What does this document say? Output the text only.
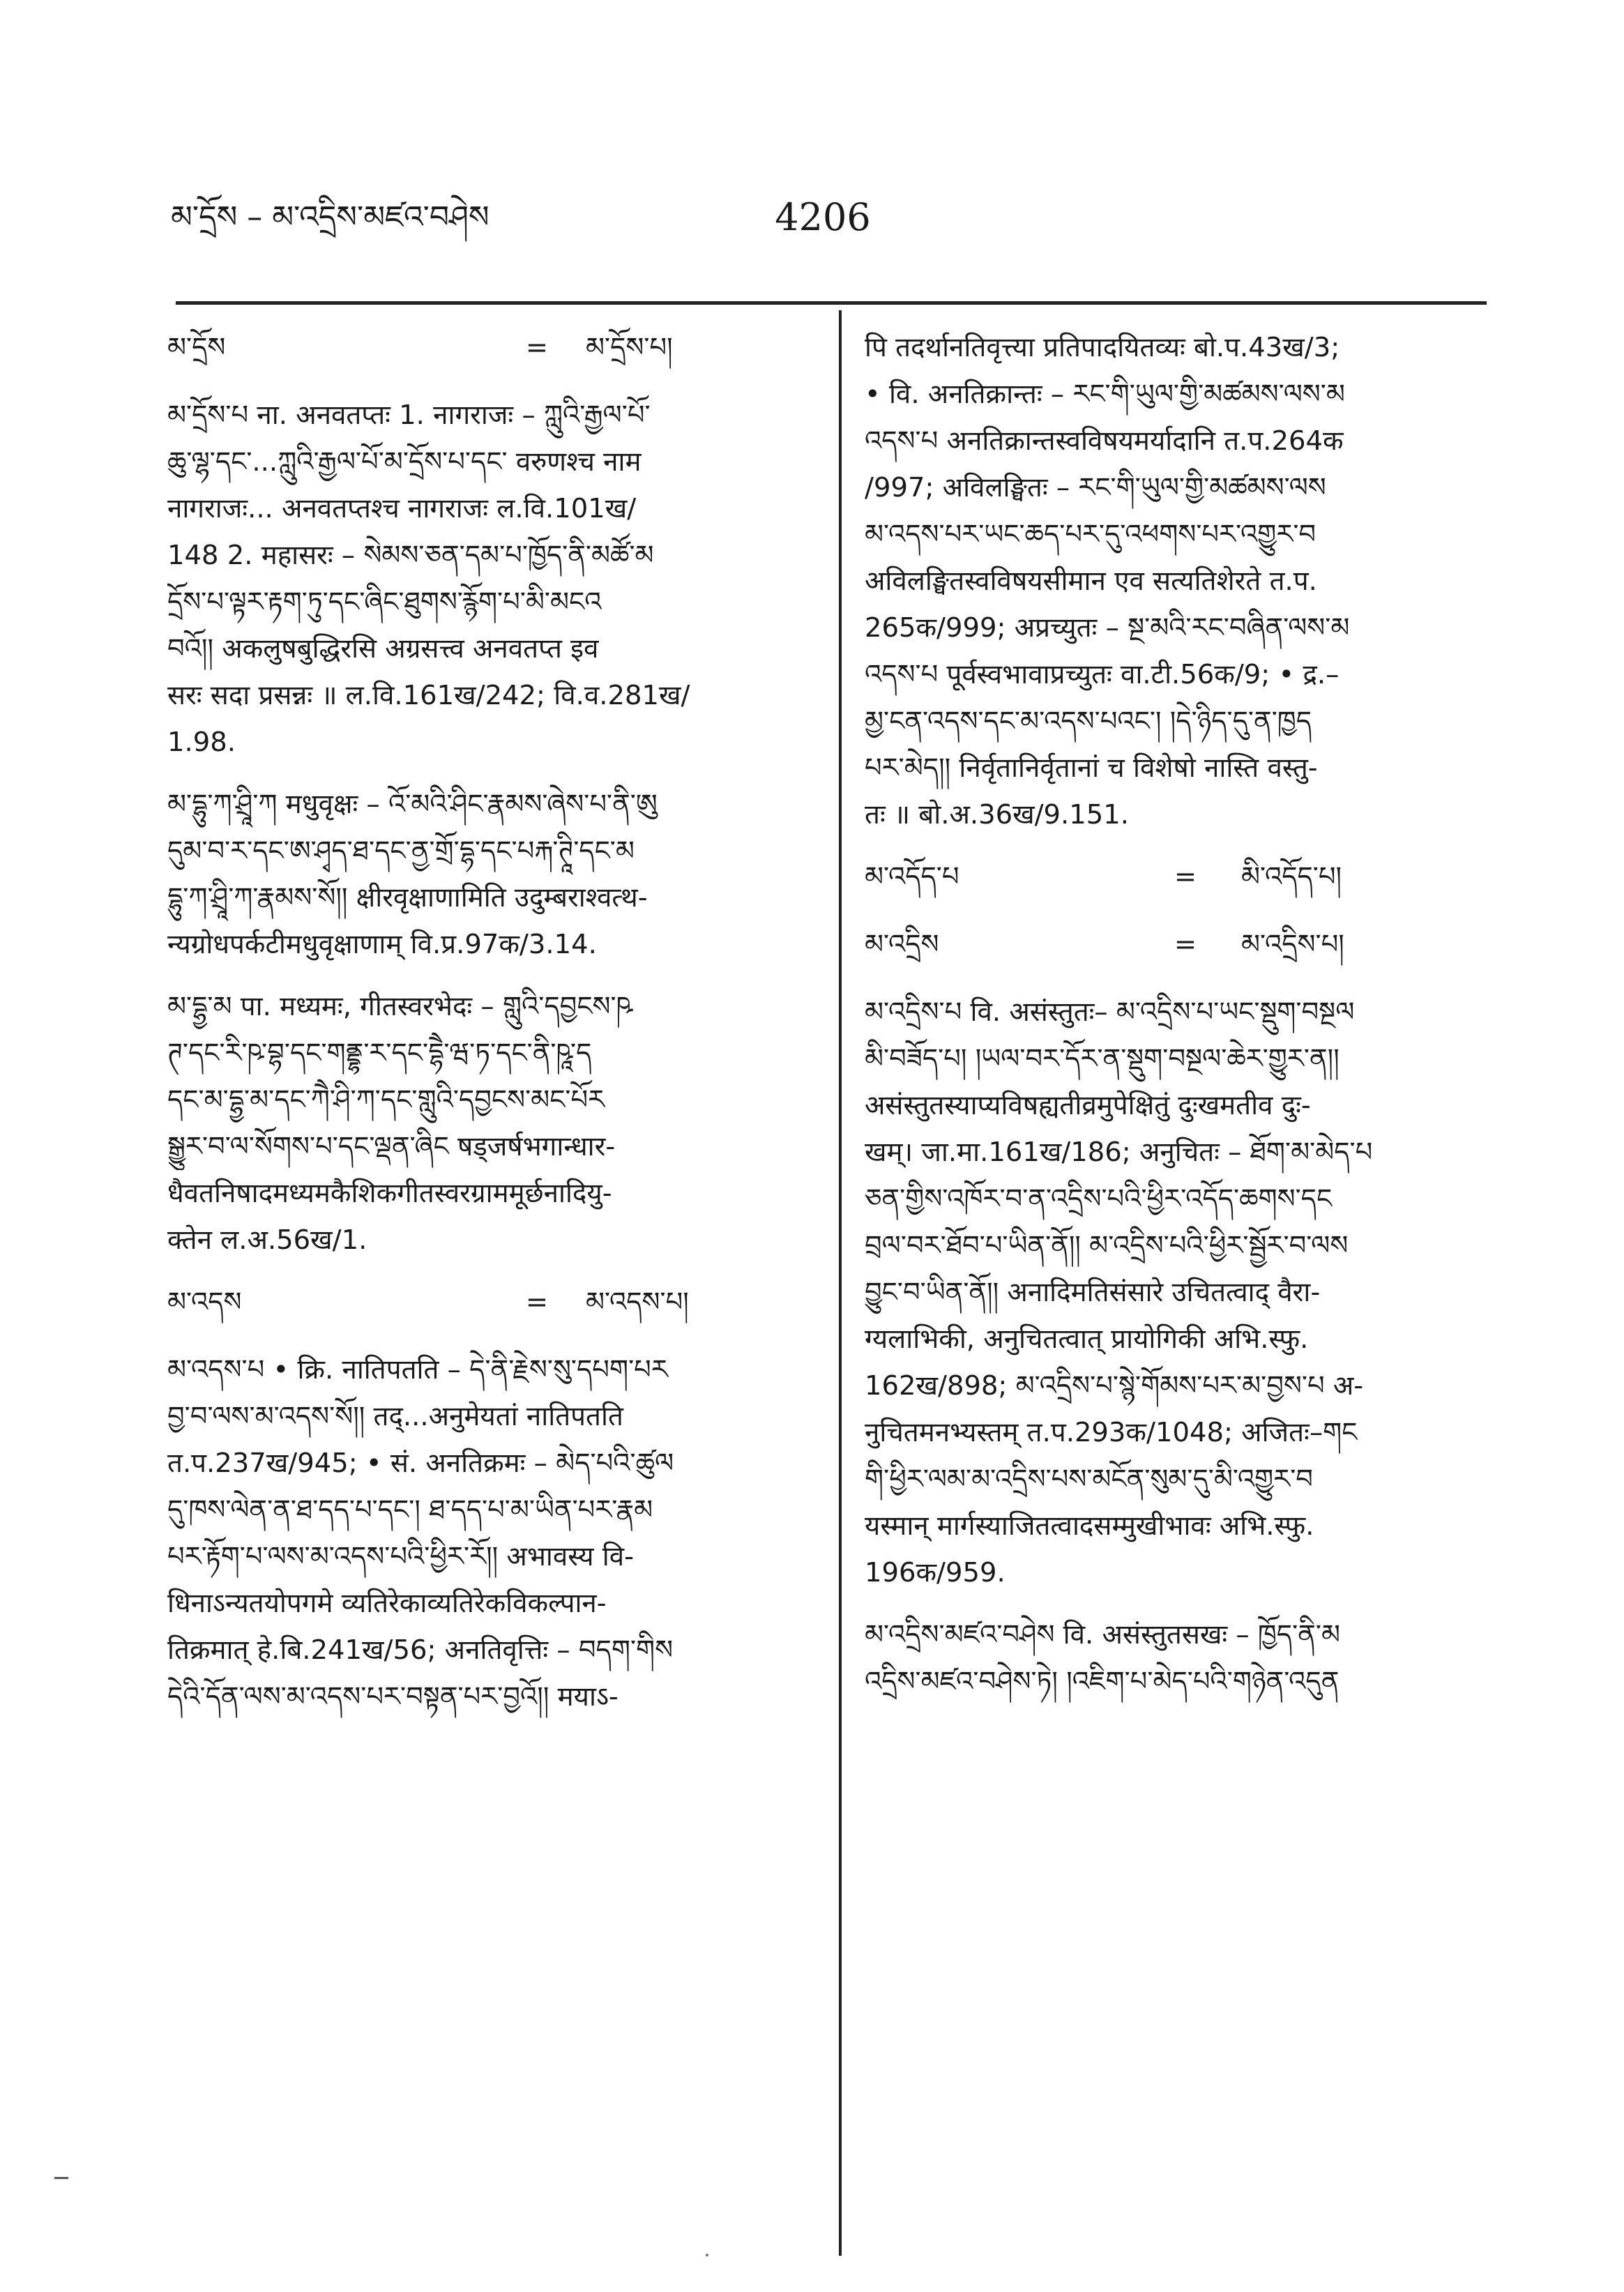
མ་དྲོས – མ་འདྲིས་མཛའ་བཤེས	4206
མ་དྲོས	=	མ་དྲོས་པ།
མ་དྲོས་པ ना. अनवतप्तः 1. नागराजः – ཀླུའི་རྒྱལ་པོ་
ཆུ་ལྷ་དང་...ཀླུའི་རྒྱལ་པོ་མ་དྲོས་པ་དང་ वरुणश्च नाम
नागराजः... अनवतप्तश्च नागराजः ल.वि.101ख/
148 2. महासरः – སེམས་ཅན་དམ་པ་ཁྱོད་ནི་མཚོ་མ
དྲོས་པ་ལྟར་རྟག་ཏུ་དང་ཞིང་ཐུགས་རྙོག་པ་མི་མངའ
བའོ།། अकलुषबुद्धिरसि अग्रसत्त्व अनवतप्त इव
सरः सदा प्रसन्नः ॥ ल.वि.161ख/242; वि.व.281ख/
1.98.
མ་དྷུ་ཀ་ཤྲཱི་ཀ मधुवृक्षः – འོ་མའི་ཤིང་རྣམས་ཞེས་པ་ནི་ཨུ
དུམ་བ་ར་དང་ཨ་ཤྭད་ཐ་དང་ནྱ་གྲོ་དྷ་དང་པརྐ་ཊཱི་དང་མ
དྷུ་ཀ་ཤྲཱི་ཀ་རྣམས་སོ།། क्षीरवृक्षाणामिति उदुम्बराश्वत्थ-
न्यग्रोधपर्कटीमधुवृक्षाणाम् वि.प्र.97क/3.14.
མ་དྷྱ་མ पा. मध्यमः, गीतस्वरभेदः – གླུའི་དབྱངས་ཥ
ཊ་དང་རི་ཥ་བྷ་དང་གནྡྷ་ར་དང་དྷཻ་ཝ་ཏ་དང་ནི་ཥཱ་ད
དང་མ་དྷྱ་མ་དང་ཀཻ་ཤི་ཀ་དང་གླུའི་དབྱངས་མང་པོར
སྒྱུར་བ་ལ་སོགས་པ་དང་ལྡན་ཞིང षड्जर्षभगान्धार-
धैवतनिषादमध्यमकैशिकगीतस्वरग्राममूर्छनादियु-
क्तेन ल.अ.56ख/1.
མ་འདས	=	མ་འདས་པ།
མ་འདས་པ • क्रि. नातिपतति – དེ་ནི་རྗེས་སུ་དཔག་པར
བྱ་བ་ལས་མ་འདས་སོ།། तद्...अनुमेयतां नातिपतति
त.प.237ख/945; • सं. अनतिक्रमः – མེད་པའི་ཚུལ
དུ་ཁས་ལེན་ན་ཐ་དད་པ་དང་། ཐ་དད་པ་མ་ཡིན་པར་རྣམ
པར་རྟོག་པ་ལས་མ་འདས་པའི་ཕྱིར་རོ།། अभावस्य वि-
धिनाऽन्यतयोपगमे व्यतिरेकाव्यतिरेकविकल्पान-
तिक्रमात् हे.बि.241ख/56; अनतिवृत्तिः – བདག་གིས
དེའི་དོན་ལས་མ་འདས་པར་བསྟན་པར་བྱའོ།། मयाऽ-
पि तदर्थानतिवृत्त्या प्रतिपादयितव्यः बो.प.43ख/3;
• वि. अनतिक्रान्तः – རང་གི་ཡུལ་གྱི་མཚམས་ལས་མ
འདས་པ अनतिक्रान्तस्वविषयमर्यादानि त.प.264क
/997; अविलङ्घितः – རང་གི་ཡུལ་གྱི་མཚམས་ལས
མ་འདས་པར་ཡང་ཆད་པར་དུ་འཕགས་པར་འགྱུར་བ
अविलङ्घितस्वविषयसीमान एव सत्यतिशेरते त.प.
265क/999; अप्रच्युतः – སྔ་མའི་རང་བཞིན་ལས་མ
འདས་པ पूर्वस्वभावाप्रच्युतः वा.टी.56क/9; • द्र.–
མྱ་ངན་འདས་དང་མ་འདས་པའང་། །དེ་ཉིད་དུ་ན་ཁྱད
པར་མེད།། निर्वृतानिर्वृतानां च विशेषो नास्ति वस्तु-
तः ॥ बो.अ.36ख/9.151.
མ་འདོད་པ	=	མི་འདོད་པ།
མ་འདྲིས	=	མ་འདྲིས་པ།
མ་འདྲིས་པ वि. असंस्तुतः– མ་འདྲིས་པ་ཡང་སྡུག་བསྔལ
མི་བཟོད་པ། །ཡལ་བར་དོར་ན་སྡུག་བསྔལ་ཆེར་གྱུར་ན།།
असंस्तुतस्याप्यविषह्यतीव्रमुपेक्षितुं दुःखमतीव दुः-
खम्। जा.मा.161ख/186; अनुचितः – ཐོག་མ་མེད་པ
ཅན་གྱིས་འཁོར་བ་ན་འདྲིས་པའི་ཕྱིར་འདོད་ཆགས་དང
བྲལ་བར་ཐོབ་པ་ཡིན་ནོ།། མ་འདྲིས་པའི་ཕྱིར་སྦྱོར་བ་ལས
བྱུང་བ་ཡིན་ནོ།། अनादिमतिसंसारे उचितत्वाद् वैरा-
ग्यलाभिकी, अनुचितत्वात् प्रायोगिकी अभि.स्फु.
162ख/898; མ་འདྲིས་པ་སྙེ་གོམས་པར་མ་བྱས་པ अ-
नुचितमनभ्यस्तम् त.प.293क/1048; अजितः–གང
གི་ཕྱིར་ལམ་མ་འདྲིས་པས་མངོན་སུམ་དུ་མི་འགྱུར་བ
यस्मान् मार्गस्याजितत्वादसम्मुखीभावः अभि.स्फु.
196क/959.
མ་འདྲིས་མཛའ་བཤེས वि. असंस्तुतसखः – ཁྱོད་ནི་མ
འདྲིས་མཛའ་བཤེས་ཏེ། །འཇིག་པ་མེད་པའི་གཉེན་འདུན
